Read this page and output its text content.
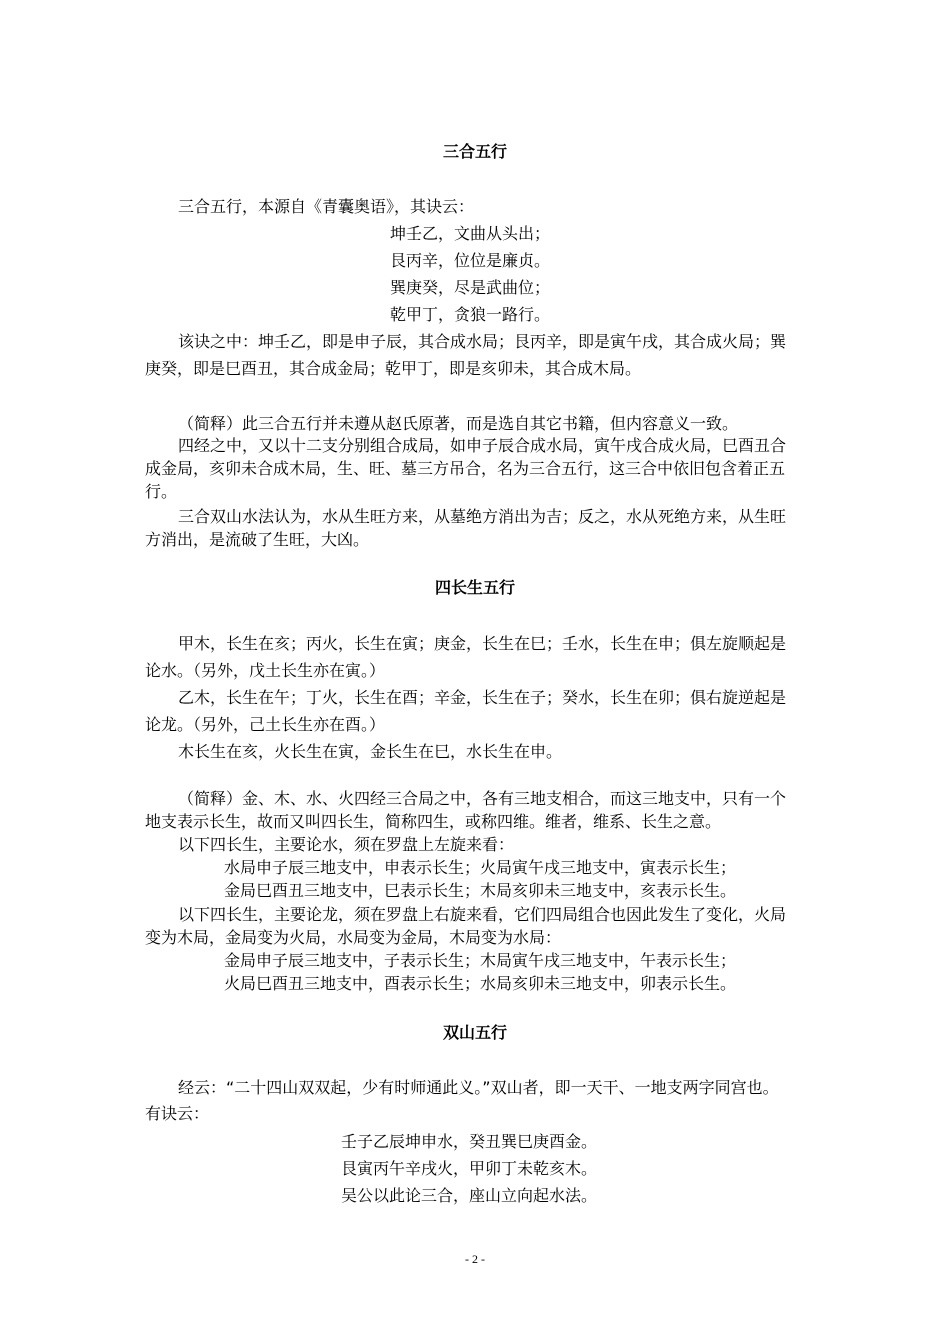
三合五行
三合五行，本源自《青囊奥语》，其诀云：
坤壬乙，文曲从头出；
艮丙辛，位位是廉贞。
巽庚癸，尽是武曲位；
乾甲丁，贪狼一路行。
该诀之中：坤壬乙，即是申子辰，其合成水局；艮丙辛，即是寅午戌，其合成火局；巽
庚癸，即是巳酉丑，其合成金局；乾甲丁，即是亥卯未，其合成木局。
（简释）此三合五行并未遵从赵氏原著，而是选自其它书籍，但内容意义一致。
四经之中，又以十二支分别组合成局，如申子辰合成水局，寅午戌合成火局，巳酉丑合
成金局，亥卯未合成木局，生、旺、墓三方吊合，名为三合五行，这三合中依旧包含着正五
行。
三合双山水法认为，水从生旺方来，从墓绝方消出为吉；反之，水从死绝方来，从生旺
方消出，是流破了生旺，大凶。
四长生五行
甲木，长生在亥；丙火，长生在寅；庚金，长生在巳；壬水，长生在申；俱左旋顺起是
论水。（另外，戊土长生亦在寅。）
乙木，长生在午；丁火，长生在酉；辛金，长生在子；癸水，长生在卯；俱右旋逆起是
论龙。（另外，己土长生亦在酉。）
木长生在亥，火长生在寅，金长生在巳，水长生在申。
（简释）金、木、水、火四经三合局之中，各有三地支相合，而这三地支中，只有一个
地支表示长生，故而又叫四长生，简称四生，或称四维。维者，维系、长生之意。
以下四长生，主要论水，须在罗盘上左旋来看：
水局申子辰三地支中，申表示长生；火局寅午戌三地支中，寅表示长生；
金局巳酉丑三地支中，巳表示长生；木局亥卯未三地支中，亥表示长生。
以下四长生，主要论龙，须在罗盘上右旋来看，它们四局组合也因此发生了变化，火局
变为木局，金局变为火局，水局变为金局，木局变为水局：
金局申子辰三地支中，子表示长生；木局寅午戌三地支中，午表示长生；
火局巳酉丑三地支中，酉表示长生；水局亥卯未三地支中，卯表示长生。
双山五行
经云：“二十四山双双起，少有时师通此义。”双山者，即一天干、一地支两字同宫也。
有诀云：
壬子乙辰坤申水，癸丑巽巳庚酉金。
艮寅丙午辛戌火，甲卯丁未乾亥木。
吴公以此论三合，座山立向起水法。
- 2 -
